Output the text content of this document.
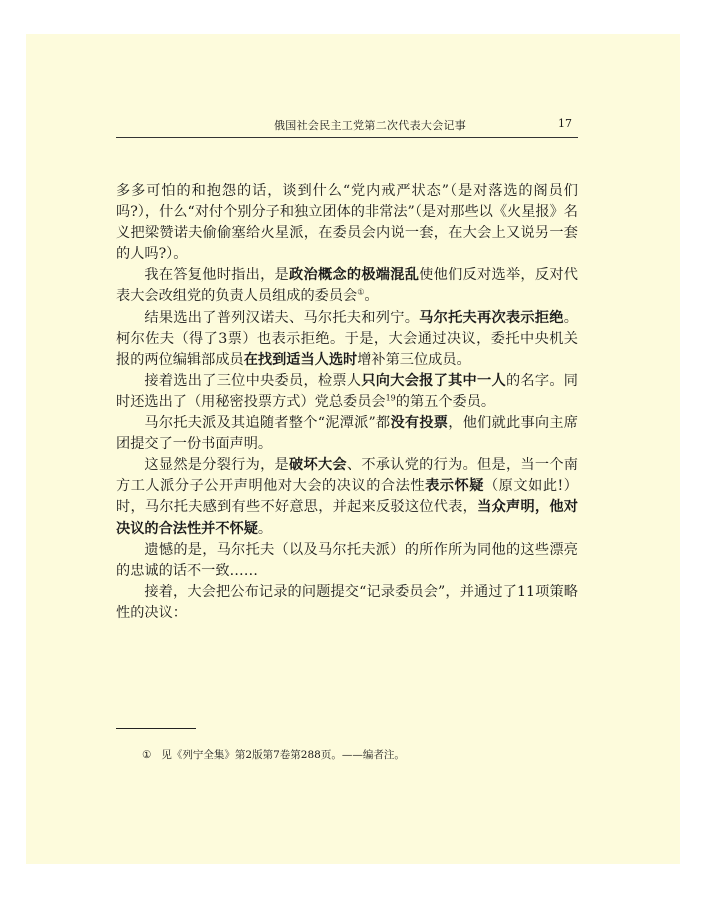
俄国社会民主工党第二次代表大会记事	17

多多可怕的和抱怨的话，谈到什么“党内戒严状态”（是对落选的阁员们吗?），什么“对付个别分子和独立团体的非常法”（是对那些以《火星报》名义把梁赞诺夫偷偷塞给火星派，在委员会内说一套，在大会上又说另一套的人吗?）。

我在答复他时指出，是政治概念的极端混乱使他们反对选举，反对代表大会改组党的负责人员组成的委员会①。

结果选出了普列汉诺夫、马尔托夫和列宁。马尔托夫再次表示拒绝。柯尔佐夫（得了3票）也表示拒绝。于是，大会通过决议，委托中央机关报的两位编辑部成员在找到适当人选时增补第三位成员。

接着选出了三位中央委员，检票人只向大会报了其中一人的名字。同时还选出了（用秘密投票方式）党总委员会$^{19}$的第五个委员。

马尔托夫派及其追随者整个“泥潭派”都没有投票，他们就此事向主席团提交了一份书面声明。

这显然是分裂行为，是破坏大会、不承认党的行为。但是，当一个南方工人派分子公开声明他对大会的决议的合法性表示怀疑（原文如此!）时，马尔托夫感到有些不好意思，并起来反驳这位代表，当众声明，他对决议的合法性并不怀疑。

遗憾的是，马尔托夫（以及马尔托夫派）的所作所为同他的这些漂亮的忠诚的话不一致……

接着，大会把公布记录的问题提交“记录委员会”，并通过了11项策略性的决议：

① 见《列宁全集》第2版第7卷第288页。——编者注。
